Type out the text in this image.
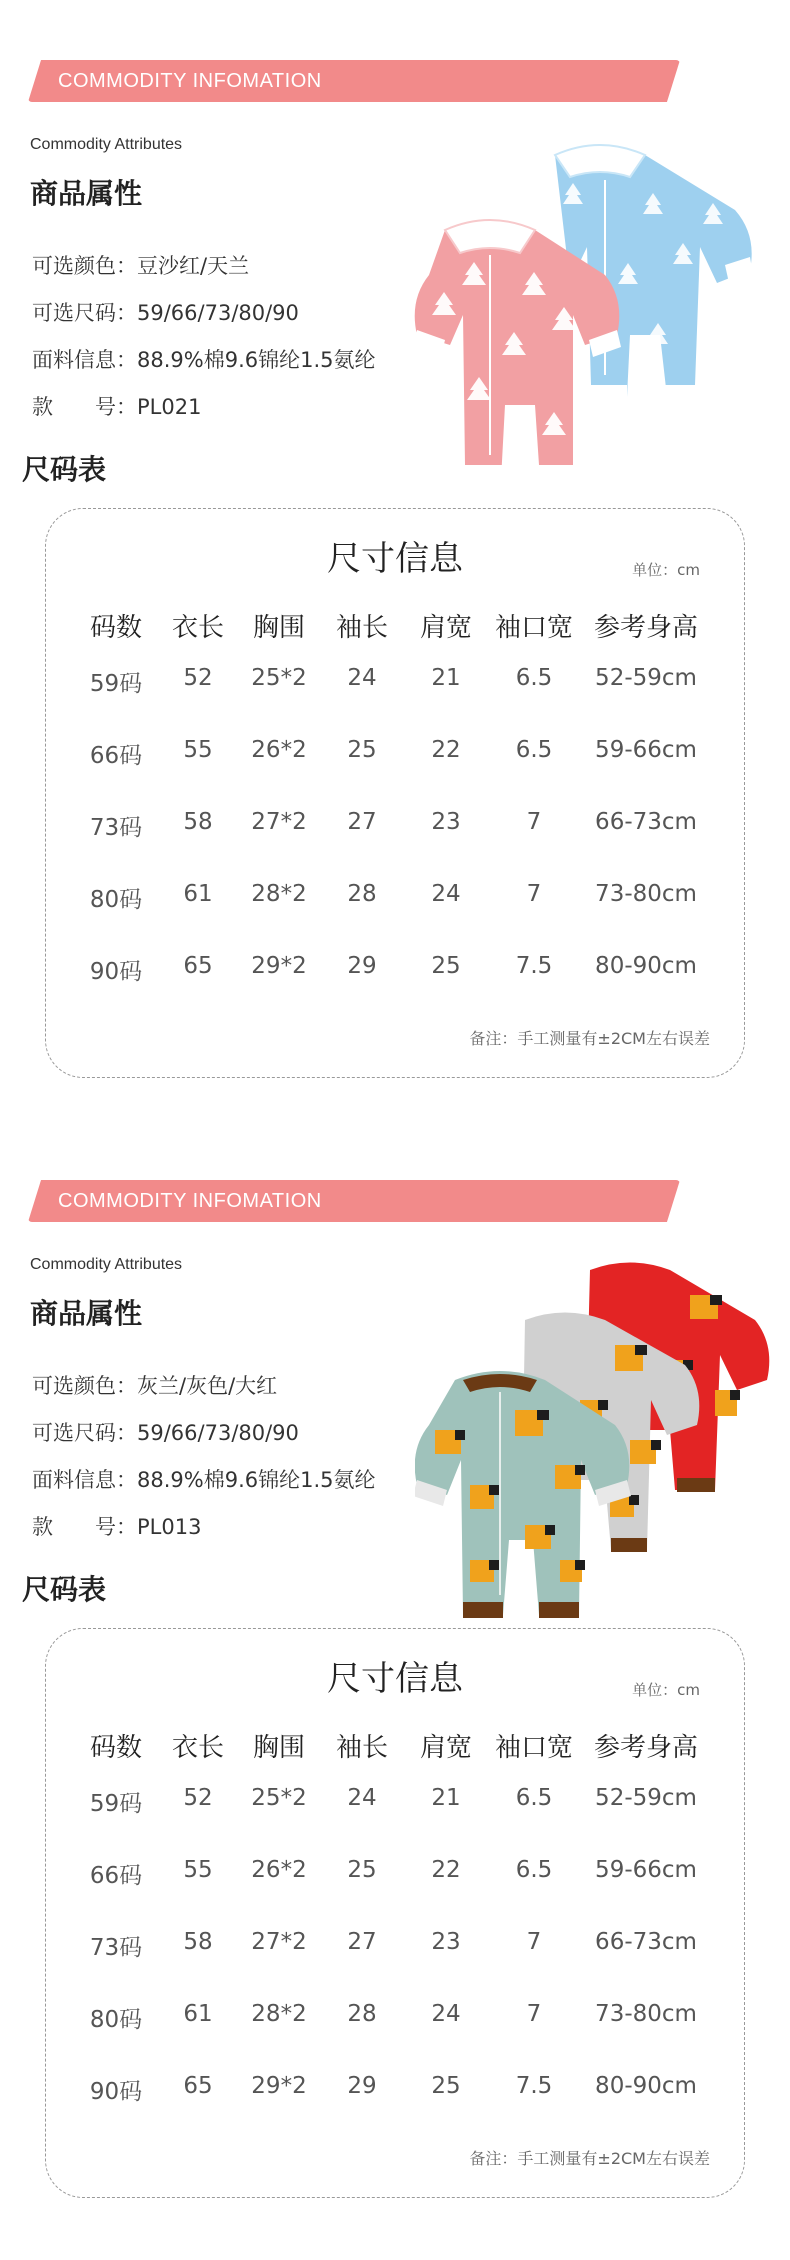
COMMODITY INFOMATION
Commodity Attributes
商品属性
可选颜色：豆沙红/天兰
可选尺码：59/66/73/80/90
面料信息：88.9%棉9.6锦纶1.5氨纶
款　　号：PL021
尺码表
尺寸信息	单位：cm
码数 衣长 胸围 袖长 肩宽 袖口宽 参考身高
59码 52 25*2 24 21 6.5 52-59cm
66码 55 26*2 25 22 6.5 59-66cm
73码 58 27*2 27 23	7 66-73cm
80码 61 28*2 28 24	7 73-80cm
90码 65 29*2 29 25 7.5 80-90cm
备注：手工测量有±2CM左右误差
COMMODITY INFOMATION
Commodity Attributes
商品属性
可选颜色：灰兰/灰色/大红
可选尺码：59/66/73/80/90
面料信息：88.9%棉9.6锦纶1.5氨纶
款　　号：PL013
尺码表
尺寸信息	单位：cm
码数 衣长 胸围 袖长 肩宽 袖口宽 参考身高
59码 52 25*2 24 21 6.5 52-59cm
66码 55 26*2 25 22 6.5 59-66cm
73码 58 27*2 27 23	7 66-73cm
80码 61 28*2 28 24	7 73-80cm
90码 65 29*2 29 25 7.5 80-90cm
备注：手工测量有±2CM左右误差
